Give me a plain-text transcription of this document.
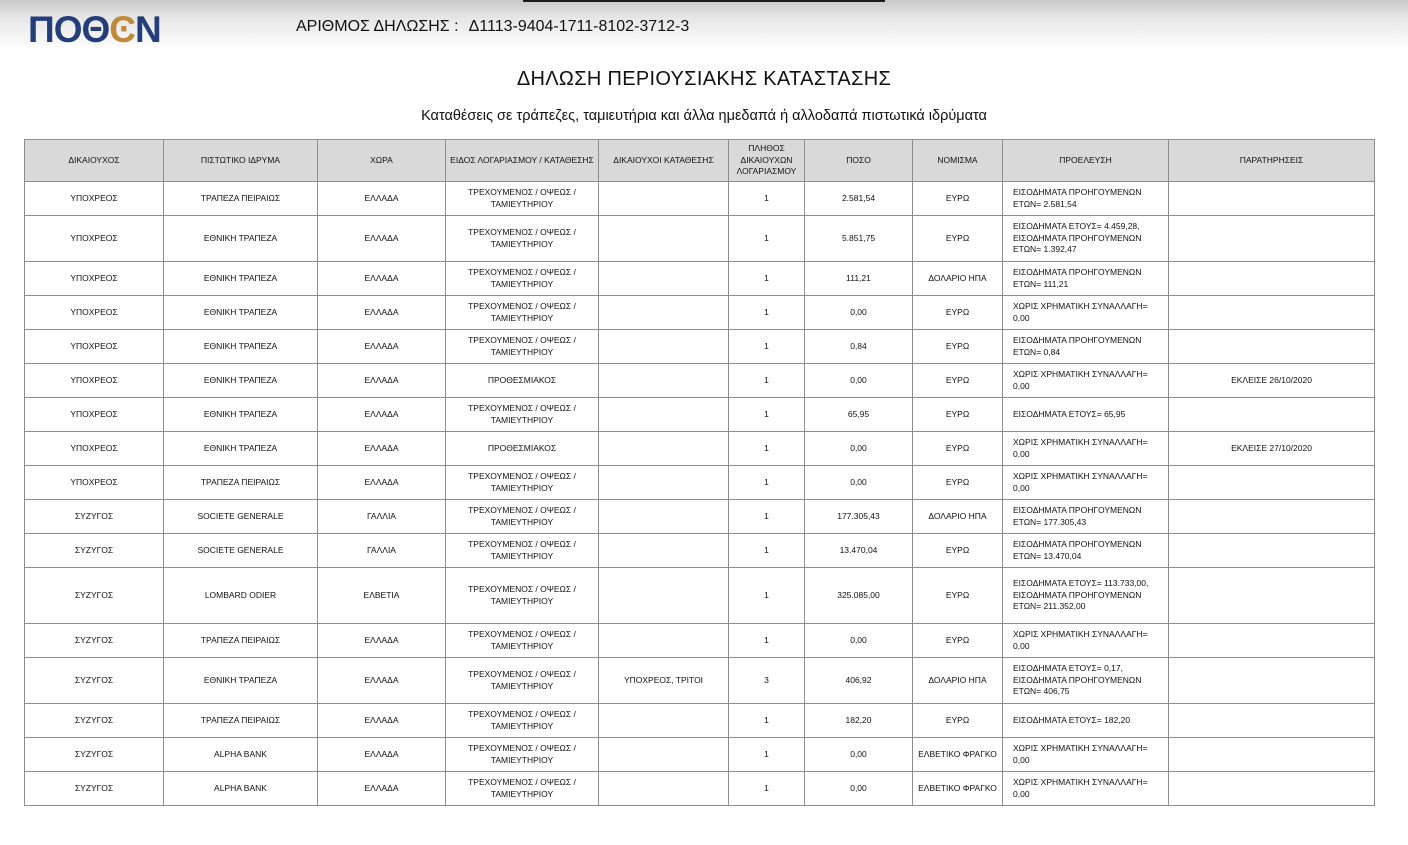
ΠΟΘϾΝ	ΑΡΙΘΜΟΣ ΔΗΛΩΣΗΣ : Δ1113-9404-1711-8102-3712-3
ΔΗΛΩΣΗ ΠΕΡΙΟΥΣΙΑΚΗΣ ΚΑΤΑΣΤΑΣΗΣ
Καταθέσεις σε τράπεζες, ταμιευτήρια και άλλα ημεδαπά ή αλλοδαπά πιστωτικά ιδρύματα
ΔΙΚΑΙΟΥΧΟΣ	ΠΙΣΤΩΤΙΚΟ ΙΔΡΥΜΑ	ΧΩΡΑ	ΕΙΔΟΣ ΛΟΓΑΡΙΑΣΜΟΥ / ΚΑΤΑΘΕΣΗΣ	ΔΙΚΑΙΟΥΧΟΙ ΚΑΤΑΘΕΣΗΣ	ΠΛΗΘΟΣ ΔΙΚΑΙΟΥΧΩΝ ΛΟΓΑΡΙΑΣΜΟΥ	ΠΟΣΟ	ΝΟΜΙΣΜΑ	ΠΡΟΕΛΕΥΣΗ	ΠΑΡΑΤΗΡΗΣΕΙΣ
ΥΠΟΧΡΕΟΣ	ΤΡΑΠΕΖΑ ΠΕΙΡΑΙΩΣ	ΕΛΛΑΔΑ	ΤΡΕΧΟΥΜΕΝΟΣ / ΟΨΕΩΣ / ΤΑΜΙΕΥΤΗΡΙΟΥ		1	2.581,54	ΕΥΡΩ	ΕΙΣΟΔΗΜΑΤΑ ΠΡΟΗΓΟΥΜΕΝΩΝ ΕΤΩΝ= 2.581,54	
ΥΠΟΧΡΕΟΣ	ΕΘΝΙΚΗ ΤΡΑΠΕΖΑ	ΕΛΛΑΔΑ	ΤΡΕΧΟΥΜΕΝΟΣ / ΟΨΕΩΣ / ΤΑΜΙΕΥΤΗΡΙΟΥ		1	5.851,75	ΕΥΡΩ	ΕΙΣΟΔΗΜΑΤΑ ΕΤΟΥΣ= 4.459,28, ΕΙΣΟΔΗΜΑΤΑ ΠΡΟΗΓΟΥΜΕΝΩΝ ΕΤΩΝ= 1.392,47	
ΥΠΟΧΡΕΟΣ	ΕΘΝΙΚΗ ΤΡΑΠΕΖΑ	ΕΛΛΑΔΑ	ΤΡΕΧΟΥΜΕΝΟΣ / ΟΨΕΩΣ / ΤΑΜΙΕΥΤΗΡΙΟΥ		1	111,21	ΔΟΛΑΡΙΟ ΗΠΑ	ΕΙΣΟΔΗΜΑΤΑ ΠΡΟΗΓΟΥΜΕΝΩΝ ΕΤΩΝ= 111,21	
ΥΠΟΧΡΕΟΣ	ΕΘΝΙΚΗ ΤΡΑΠΕΖΑ	ΕΛΛΑΔΑ	ΤΡΕΧΟΥΜΕΝΟΣ / ΟΨΕΩΣ / ΤΑΜΙΕΥΤΗΡΙΟΥ		1	0,00	ΕΥΡΩ	ΧΩΡΙΣ ΧΡΗΜΑΤΙΚΗ ΣΥΝΑΛΛΑΓΗ= 0,00	
ΥΠΟΧΡΕΟΣ	ΕΘΝΙΚΗ ΤΡΑΠΕΖΑ	ΕΛΛΑΔΑ	ΤΡΕΧΟΥΜΕΝΟΣ / ΟΨΕΩΣ / ΤΑΜΙΕΥΤΗΡΙΟΥ		1	0,84	ΕΥΡΩ	ΕΙΣΟΔΗΜΑΤΑ ΠΡΟΗΓΟΥΜΕΝΩΝ ΕΤΩΝ= 0,84	
ΥΠΟΧΡΕΟΣ	ΕΘΝΙΚΗ ΤΡΑΠΕΖΑ	ΕΛΛΑΔΑ	ΠΡΟΘΕΣΜΙΑΚΟΣ		1	0,00	ΕΥΡΩ	ΧΩΡΙΣ ΧΡΗΜΑΤΙΚΗ ΣΥΝΑΛΛΑΓΗ= 0,00	ΕΚΛΕΙΣΕ 26/10/2020
ΥΠΟΧΡΕΟΣ	ΕΘΝΙΚΗ ΤΡΑΠΕΖΑ	ΕΛΛΑΔΑ	ΤΡΕΧΟΥΜΕΝΟΣ / ΟΨΕΩΣ / ΤΑΜΙΕΥΤΗΡΙΟΥ		1	65,95	ΕΥΡΩ	ΕΙΣΟΔΗΜΑΤΑ ΕΤΟΥΣ= 65,95	
ΥΠΟΧΡΕΟΣ	ΕΘΝΙΚΗ ΤΡΑΠΕΖΑ	ΕΛΛΑΔΑ	ΠΡΟΘΕΣΜΙΑΚΟΣ		1	0,00	ΕΥΡΩ	ΧΩΡΙΣ ΧΡΗΜΑΤΙΚΗ ΣΥΝΑΛΛΑΓΗ= 0,00	ΕΚΛΕΙΣΕ 27/10/2020
ΥΠΟΧΡΕΟΣ	ΤΡΑΠΕΖΑ ΠΕΙΡΑΙΩΣ	ΕΛΛΑΔΑ	ΤΡΕΧΟΥΜΕΝΟΣ / ΟΨΕΩΣ / ΤΑΜΙΕΥΤΗΡΙΟΥ		1	0,00	ΕΥΡΩ	ΧΩΡΙΣ ΧΡΗΜΑΤΙΚΗ ΣΥΝΑΛΛΑΓΗ= 0,00	
ΣΥΖΥΓΟΣ	SOCIETE GENERALE	ΓΑΛΛΙΑ	ΤΡΕΧΟΥΜΕΝΟΣ / ΟΨΕΩΣ / ΤΑΜΙΕΥΤΗΡΙΟΥ		1	177.305,43	ΔΟΛΑΡΙΟ ΗΠΑ	ΕΙΣΟΔΗΜΑΤΑ ΠΡΟΗΓΟΥΜΕΝΩΝ ΕΤΩΝ= 177.305,43	
ΣΥΖΥΓΟΣ	SOCIETE GENERALE	ΓΑΛΛΙΑ	ΤΡΕΧΟΥΜΕΝΟΣ / ΟΨΕΩΣ / ΤΑΜΙΕΥΤΗΡΙΟΥ		1	13.470,04	ΕΥΡΩ	ΕΙΣΟΔΗΜΑΤΑ ΠΡΟΗΓΟΥΜΕΝΩΝ ΕΤΩΝ= 13.470,04	
ΣΥΖΥΓΟΣ	LOMBARD ODIER	ΕΛΒΕΤΙΑ	ΤΡΕΧΟΥΜΕΝΟΣ / ΟΨΕΩΣ / ΤΑΜΙΕΥΤΗΡΙΟΥ		1	325.085,00	ΕΥΡΩ	ΕΙΣΟΔΗΜΑΤΑ ΕΤΟΥΣ= 113.733,00, ΕΙΣΟΔΗΜΑΤΑ ΠΡΟΗΓΟΥΜΕΝΩΝ ΕΤΩΝ= 211.352,00	
ΣΥΖΥΓΟΣ	ΤΡΑΠΕΖΑ ΠΕΙΡΑΙΩΣ	ΕΛΛΑΔΑ	ΤΡΕΧΟΥΜΕΝΟΣ / ΟΨΕΩΣ / ΤΑΜΙΕΥΤΗΡΙΟΥ		1	0,00	ΕΥΡΩ	ΧΩΡΙΣ ΧΡΗΜΑΤΙΚΗ ΣΥΝΑΛΛΑΓΗ= 0,00	
ΣΥΖΥΓΟΣ	ΕΘΝΙΚΗ ΤΡΑΠΕΖΑ	ΕΛΛΑΔΑ	ΤΡΕΧΟΥΜΕΝΟΣ / ΟΨΕΩΣ / ΤΑΜΙΕΥΤΗΡΙΟΥ	ΥΠΟΧΡΕΟΣ, ΤΡΙΤΟΙ	3	406,92	ΔΟΛΑΡΙΟ ΗΠΑ	ΕΙΣΟΔΗΜΑΤΑ ΕΤΟΥΣ= 0,17, ΕΙΣΟΔΗΜΑΤΑ ΠΡΟΗΓΟΥΜΕΝΩΝ ΕΤΩΝ= 406,75	
ΣΥΖΥΓΟΣ	ΤΡΑΠΕΖΑ ΠΕΙΡΑΙΩΣ	ΕΛΛΑΔΑ	ΤΡΕΧΟΥΜΕΝΟΣ / ΟΨΕΩΣ / ΤΑΜΙΕΥΤΗΡΙΟΥ		1	182,20	ΕΥΡΩ	ΕΙΣΟΔΗΜΑΤΑ ΕΤΟΥΣ= 182,20	
ΣΥΖΥΓΟΣ	ALPHA BANK	ΕΛΛΑΔΑ	ΤΡΕΧΟΥΜΕΝΟΣ / ΟΨΕΩΣ / ΤΑΜΙΕΥΤΗΡΙΟΥ		1	0,00	ΕΛΒΕΤΙΚΟ ΦΡΑΓΚΟ	ΧΩΡΙΣ ΧΡΗΜΑΤΙΚΗ ΣΥΝΑΛΛΑΓΗ= 0,00	
ΣΥΖΥΓΟΣ	ALPHA BANK	ΕΛΛΑΔΑ	ΤΡΕΧΟΥΜΕΝΟΣ / ΟΨΕΩΣ / ΤΑΜΙΕΥΤΗΡΙΟΥ		1	0,00	ΕΛΒΕΤΙΚΟ ΦΡΑΓΚΟ	ΧΩΡΙΣ ΧΡΗΜΑΤΙΚΗ ΣΥΝΑΛΛΑΓΗ= 0,00	
